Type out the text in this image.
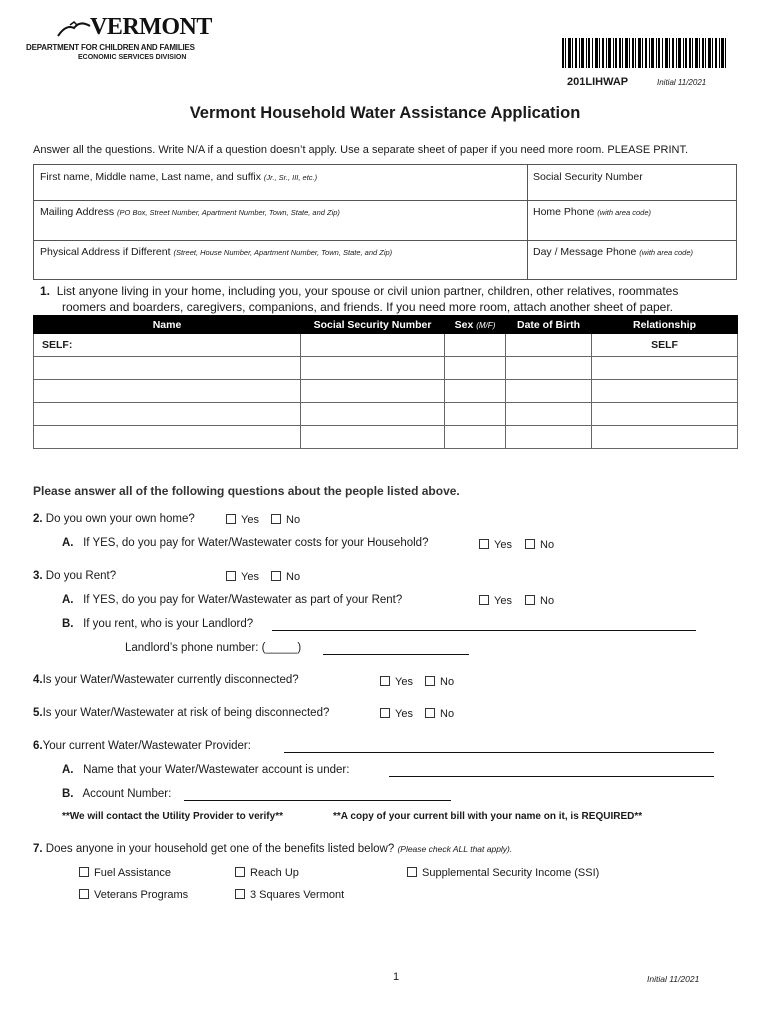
VERMONT
DEPARTMENT FOR CHILDREN AND FAMILIES
ECONOMIC SERVICES DIVISION
201LIHWAP	Initial 11/2021
Vermont Household Water Assistance Application
Answer all the questions. Write N/A if a question doesn’t apply. Use a separate sheet of paper if you need more room. PLEASE PRINT.
First name, Middle name, Last name, and suffix (Jr., Sr., III, etc.)	Social Security Number
Mailing Address (PO Box, Street Number, Apartment Number, Town, State, and Zip)	Home Phone (with area code)
Physical Address if Different (Street, House Number, Apartment Number, Town, State, and Zip)	Day / Message Phone (with area code)
1. List anyone living in your home, including you, your spouse or civil union partner, children, other relatives, roommates
roomers and boarders, caregivers, companions, and friends. If you need more room, attach another sheet of paper.
Name	Social Security Number	Sex (M/F)	Date of Birth	Relationship
SELF:				SELF

Please answer all of the following questions about the people listed above.
2. Do you own your own home?	Yes	No
A. If YES, do you pay for Water/Wastewater costs for your Household?	Yes	No
3. Do you Rent?	Yes	No
A. If YES, do you pay for Water/Wastewater as part of your Rent?	Yes	No
B. If you rent, who is your Landlord?
Landlord’s phone number: (_____)
4.Is your Water/Wastewater currently disconnected?	Yes	No
5.Is your Water/Wastewater at risk of being disconnected?	Yes	No
6.Your current Water/Wastewater Provider:
A. Name that your Water/Wastewater account is under:
B. Account Number:
**We will contact the Utility Provider to verify**	**A copy of your current bill with your name on it, is REQUIRED**
7. Does anyone in your household get one of the benefits listed below? (Please check ALL that apply).
Fuel Assistance	Reach Up	Supplemental Security Income (SSI)
Veterans Programs	3 Squares Vermont
1	Initial 11/2021
